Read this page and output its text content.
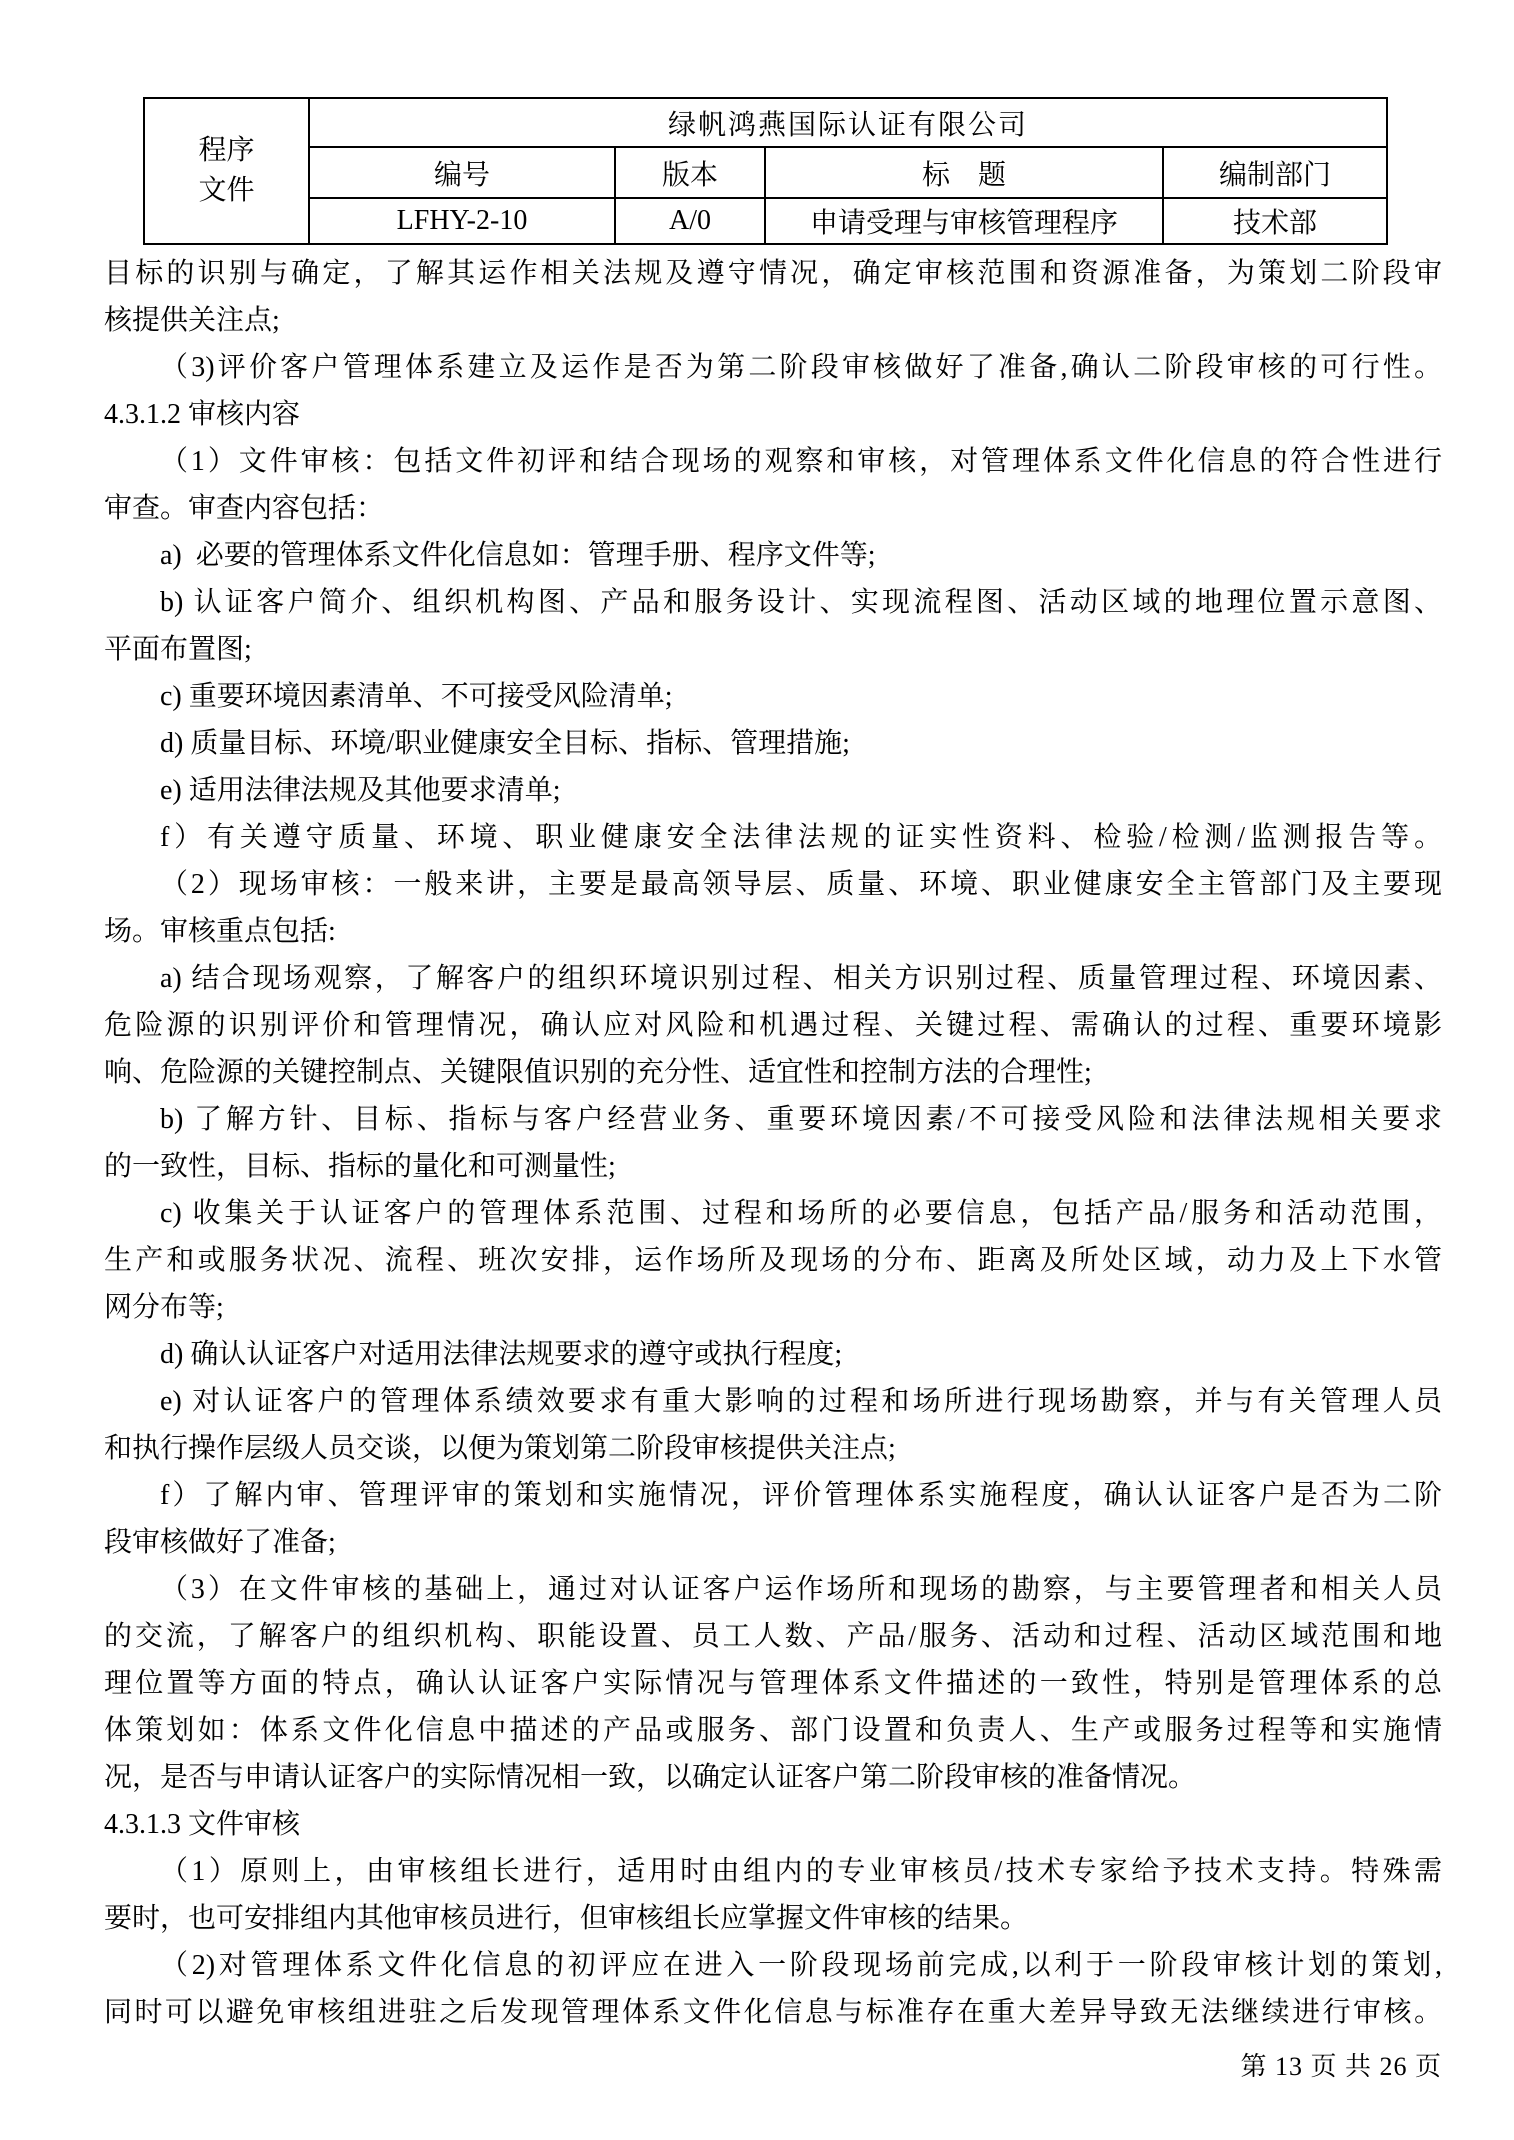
程序
文件	绿帆鸿燕国际认证有限公司			
	编号	版本	标　题	编制部门
	LFHY-2-10	A/0	申请受理与审核管理程序	技术部
目标的识别与确定，了解其运作相关法规及遵守情况，确定审核范围和资源准备，为策划二阶段审
核提供关注点;
（3)评价客户管理体系建立及运作是否为第二阶段审核做好了准备,确认二阶段审核的可行性。
4.3.1.2 审核内容
（1）文件审核：包括文件初评和结合现场的观察和审核，对管理体系文件化信息的符合性进行
审查。审查内容包括：
a)  必要的管理体系文件化信息如：管理手册、程序文件等;
b) 认证客户简介、组织机构图、产品和服务设计、实现流程图、活动区域的地理位置示意图、
平面布置图;
c) 重要环境因素清单、不可接受风险清单;
d) 质量目标、环境/职业健康安全目标、指标、管理措施;
e) 适用法律法规及其他要求清单;
f）有关遵守质量、环境、职业健康安全法律法规的证实性资料、检验/检测/监测报告等。
（2）现场审核：一般来讲，主要是最高领导层、质量、环境、职业健康安全主管部门及主要现
场。审核重点包括:
a) 结合现场观察，了解客户的组织环境识别过程、相关方识别过程、质量管理过程、环境因素、
危险源的识别评价和管理情况，确认应对风险和机遇过程、关键过程、需确认的过程、重要环境影
响、危险源的关键控制点、关键限值识别的充分性、适宜性和控制方法的合理性;
b) 了解方针、目标、指标与客户经营业务、重要环境因素/不可接受风险和法律法规相关要求
的一致性，目标、指标的量化和可测量性;
c) 收集关于认证客户的管理体系范围、过程和场所的必要信息，包括产品/服务和活动范围，
生产和或服务状况、流程、班次安排，运作场所及现场的分布、距离及所处区域，动力及上下水管
网分布等;
d) 确认认证客户对适用法律法规要求的遵守或执行程度;
e) 对认证客户的管理体系绩效要求有重大影响的过程和场所进行现场勘察，并与有关管理人员
和执行操作层级人员交谈，以便为策划第二阶段审核提供关注点;
f）了解内审、管理评审的策划和实施情况，评价管理体系实施程度，确认认证客户是否为二阶
段审核做好了准备;
（3）在文件审核的基础上，通过对认证客户运作场所和现场的勘察，与主要管理者和相关人员
的交流，了解客户的组织机构、职能设置、员工人数、产品/服务、活动和过程、活动区域范围和地
理位置等方面的特点，确认认证客户实际情况与管理体系文件描述的一致性，特别是管理体系的总
体策划如：体系文件化信息中描述的产品或服务、部门设置和负责人、生产或服务过程等和实施情
况，是否与申请认证客户的实际情况相一致，以确定认证客户第二阶段审核的准备情况。
4.3.1.3 文件审核
（1）原则上，由审核组长进行，适用时由组内的专业审核员/技术专家给予技术支持。特殊需
要时，也可安排组内其他审核员进行，但审核组长应掌握文件审核的结果。
（2)对管理体系文件化信息的初评应在进入一阶段现场前完成,以利于一阶段审核计划的策划,
同时可以避免审核组进驻之后发现管理体系文件化信息与标准存在重大差异导致无法继续进行审核。
第 13 页 共 26 页
